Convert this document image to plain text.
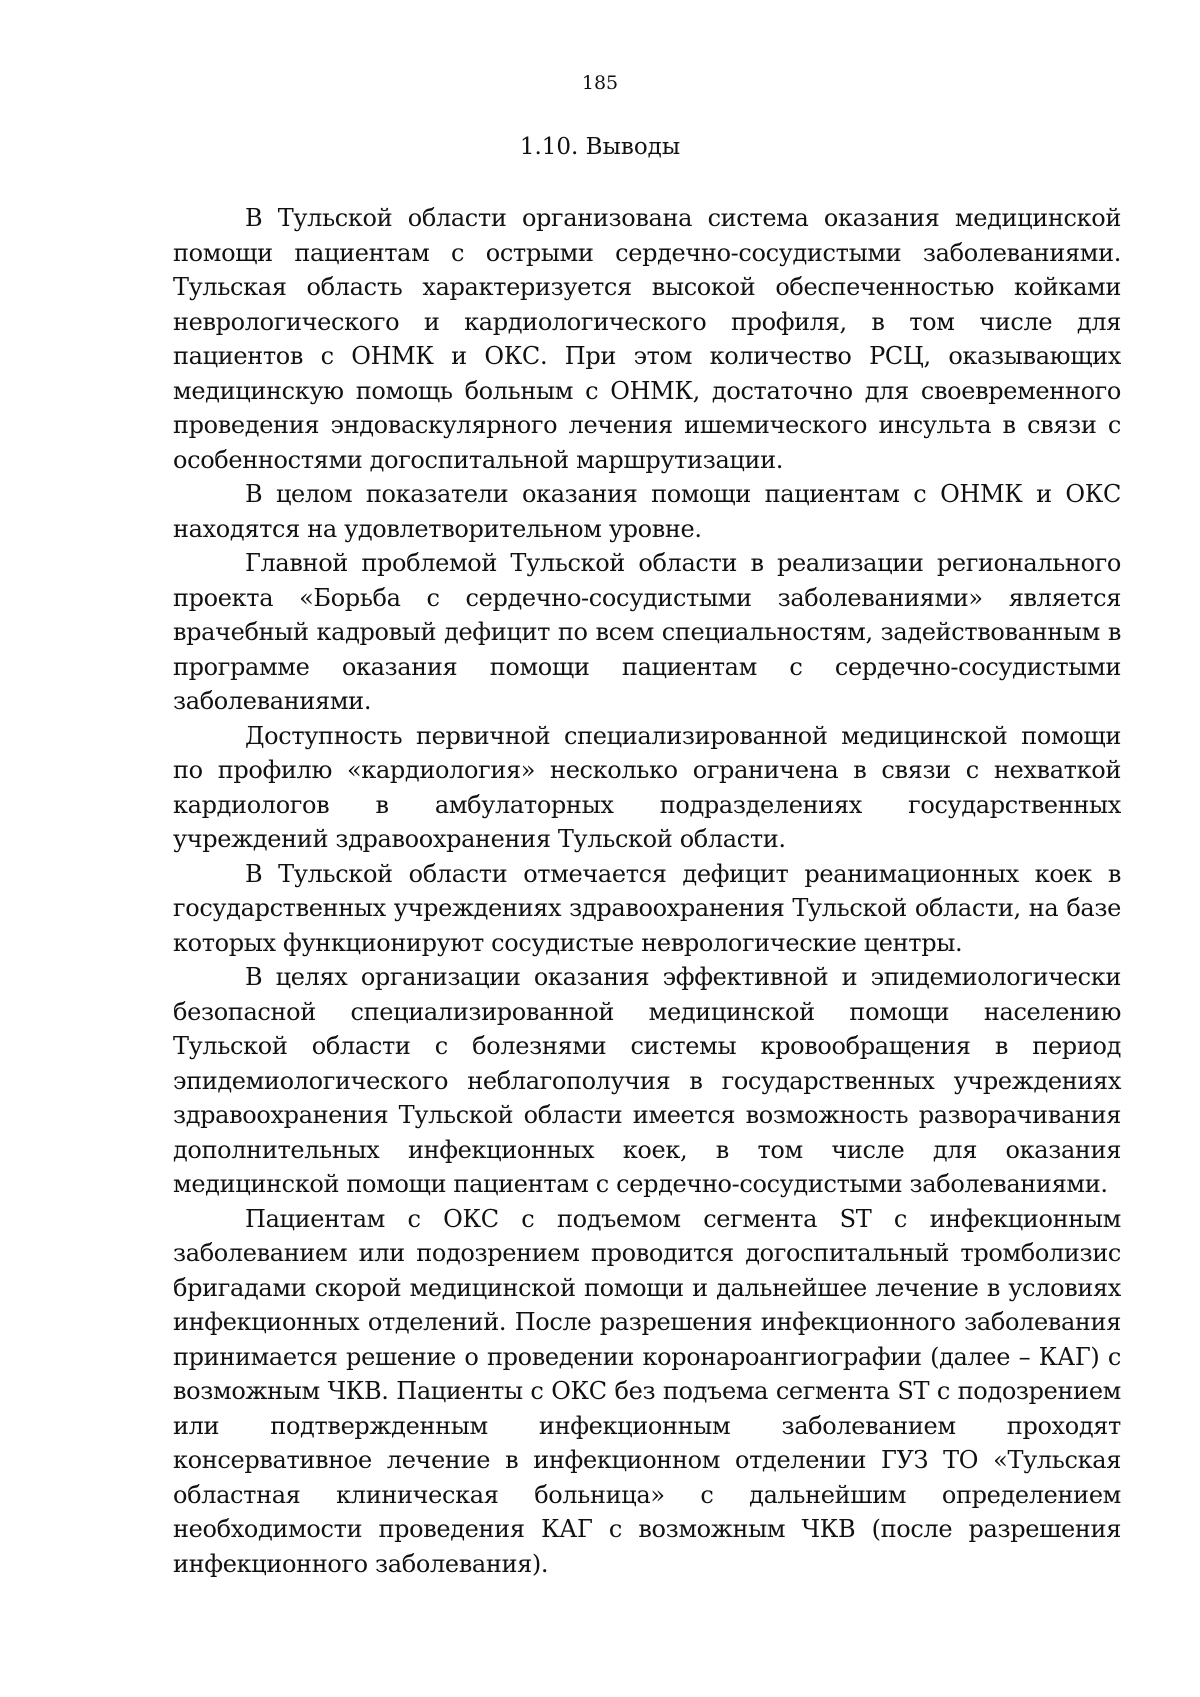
185
1.10. Выводы

В Тульской области организована система оказания медицинской помощи пациентам с острыми сердечно-сосудистыми заболеваниями. Тульская область характеризуется высокой обеспеченностью койками неврологического и кардиологического профиля, в том числе для пациентов с ОНМК и ОКС. При этом количество РСЦ, оказывающих медицинскую помощь больным с ОНМК, достаточно для своевременного проведения эндоваскулярного лечения ишемического инсульта в связи с особенностями догоспитальной маршрутизации.

В целом показатели оказания помощи пациентам с ОНМК и ОКС находятся на удовлетворительном уровне.

Главной проблемой Тульской области в реализации регионального проекта «Борьба с сердечно-сосудистыми заболеваниями» является врачебный кадровый дефицит по всем специальностям, задействованным в программе оказания помощи пациентам с сердечно-сосудистыми заболеваниями.

Доступность первичной специализированной медицинской помощи по профилю «кардиология» несколько ограничена в связи с нехваткой кардиологов в амбулаторных подразделениях государственных учреждений здравоохранения Тульской области.

В Тульской области отмечается дефицит реанимационных коек в государственных учреждениях здравоохранения Тульской области, на базе которых функционируют сосудистые неврологические центры.

В целях организации оказания эффективной и эпидемиологически безопасной специализированной медицинской помощи населению Тульской области с болезнями системы кровообращения в период эпидемиологического неблагополучия в государственных учреждениях здравоохранения Тульской области имеется возможность разворачивания дополнительных инфекционных коек, в том числе для оказания медицинской помощи пациентам с сердечно-сосудистыми заболеваниями.

Пациентам с ОКС с подъемом сегмента ST с инфекционным заболеванием или подозрением проводится догоспитальный тромболизис бригадами скорой медицинской помощи и дальнейшее лечение в условиях инфекционных отделений. После разрешения инфекционного заболевания принимается решение о проведении коронароангиографии (далее – КАГ) с возможным ЧКВ. Пациенты с ОКС без подъема сегмента ST с подозрением или подтвержденным инфекционным заболеванием проходят консервативное лечение в инфекционном отделении ГУЗ ТО «Тульская областная клиническая больница» с дальнейшим определением необходимости проведения КАГ с возможным ЧКВ (после разрешения инфекционного заболевания).
